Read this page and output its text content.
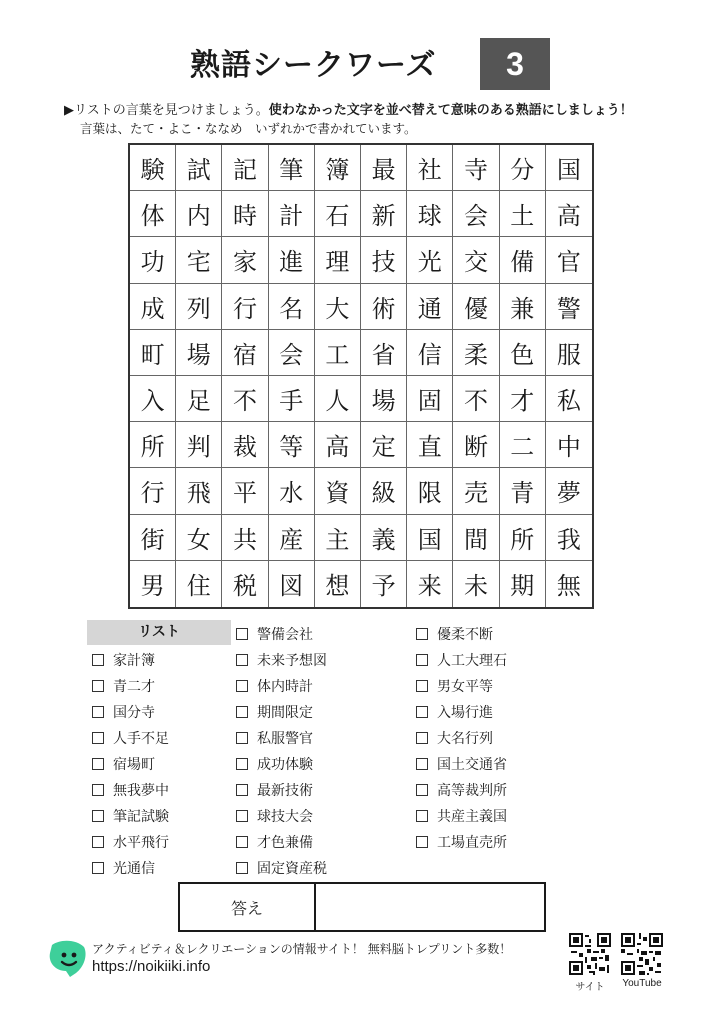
熟語シークワーズ	3
▶リストの言葉を見つけましょう。使わなかった文字を並べ替えて意味のある熟語にしましょう！
言葉は、たて・よこ・ななめ　いずれかで書かれています。
験 試 記 筆 簿 最 社 寺 分 国
体 内 時 計 石 新 球 会 土 高
功 宅 家 進 理 技 光 交 備 官
成 列 行 名 大 術 通 優 兼 警
町 場 宿 会 工 省 信 柔 色 服
入 足 不 手 人 場 固 不 才 私
所 判 裁 等 高 定 直 断 二 中
行 飛 平 水 資 級 限 売 青 夢
街 女 共 産 主 義 国 間 所 我
男 住 税 図 想 予 来 未 期 無
リスト
家計簿
青二才
国分寺
人手不足
宿場町
無我夢中
筆記試験
水平飛行
光通信
警備会社
未来予想図
体内時計
期間限定
私服警官
成功体験
最新技術
球技大会
才色兼備
固定資産税
優柔不断
人工大理石
男女平等
入場行進
大名行列
国土交通省
高等裁判所
共産主義国
工場直売所
答え
アクティビティ＆レクリエーションの情報サイト！ 無料脳トレプリント多数！
https://noikiiki.info
サイト	YouTube
